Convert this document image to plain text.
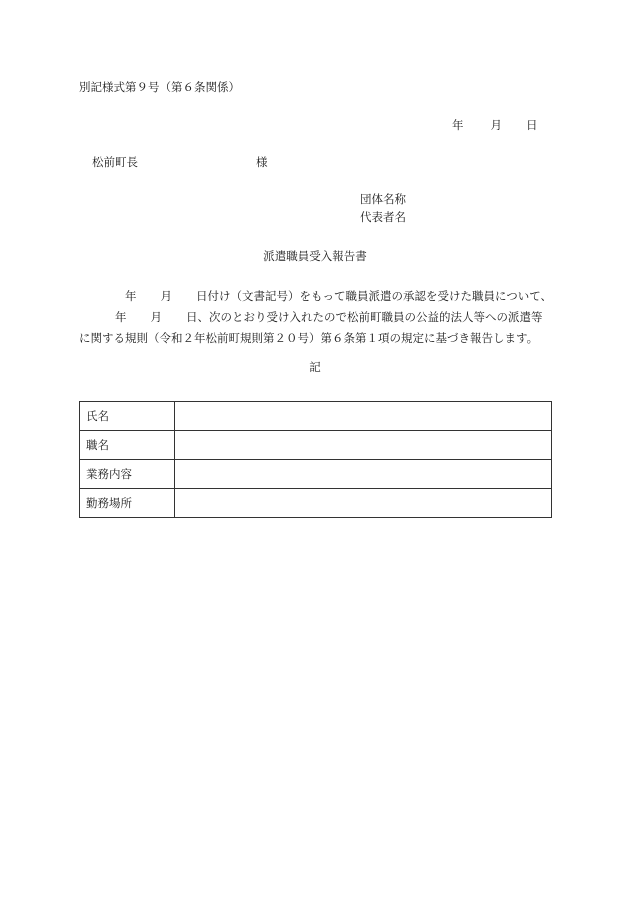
別記様式第９号（第６条関係）
年 月 日
松前町長	様
団体名称
代表者名
派遣職員受入報告書
年 月 日付け（文書記号）をもって職員派遣の承認を受けた職員について、
年 月 日、次のとおり受け入れたので松前町職員の公益的法人等への派遣等
に関する規則（令和２年松前町規則第２０号）第６条第１項の規定に基づき報告します。
記
氏名	
職名	
業務内容	
勤務場所	
